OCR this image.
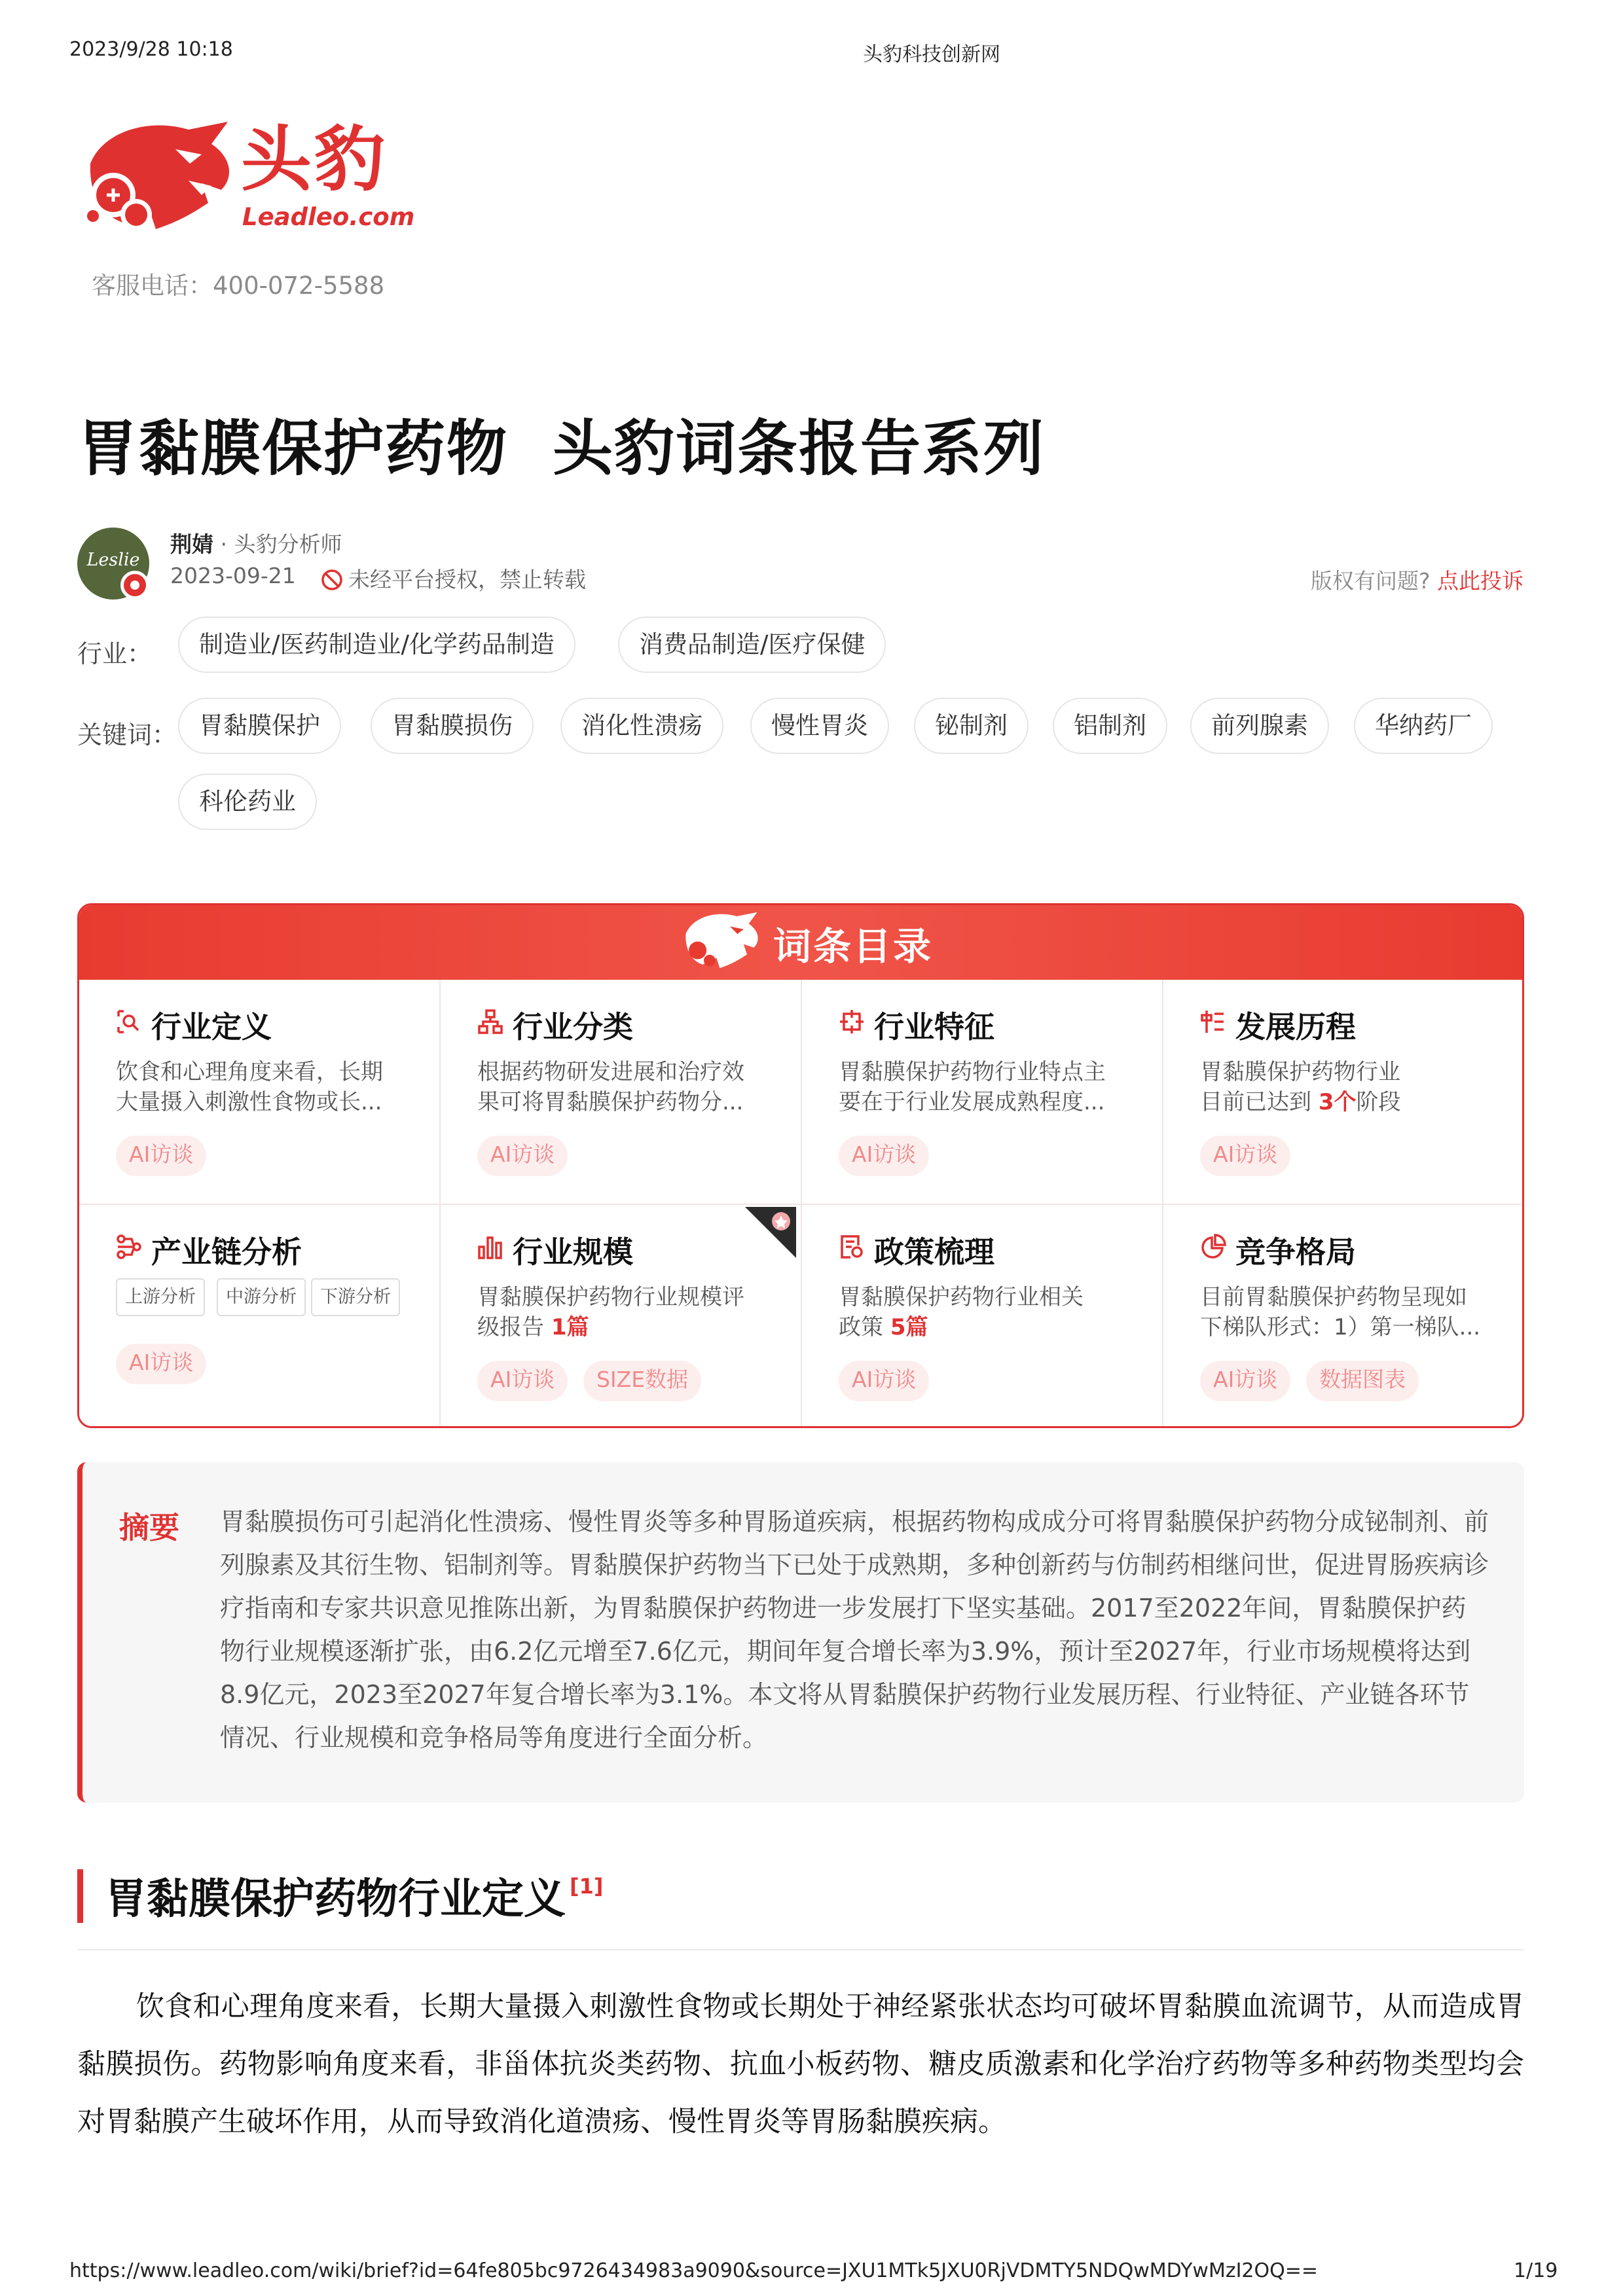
2023/9/28 10:18	头豹科技创新网
头豹
Leadleo.com
客服电话：400-072-5588
胃黏膜保护药物  头豹词条报告系列
Leslie
荆婧 · 头豹分析师
2023-09-21	未经平台授权，禁止转载	版权有问题? 点此投诉
行业：	制造业/医药制造业/化学药品制造	消费品制造/医疗保健
关键词： 胃黏膜保护	胃黏膜损伤	消化性溃疡	慢性胃炎	铋制剂	铝制剂	前列腺素	华纳药厂
科伦药业
词条目录
行业定义
饮食和心理角度来看，长期大量摄入刺激性食物或长...
AI访谈
行业分类
根据药物研发进展和治疗效果可将胃黏膜保护药物分...
AI访谈
行业特征
胃黏膜保护药物行业特点主要在于行业发展成熟程度...
AI访谈
发展历程
胃黏膜保护药物行业目前已达到 3个阶段
AI访谈
产业链分析
上游分析	中游分析	下游分析
AI访谈
行业规模
胃黏膜保护药物行业规模评级报告 1篇
AI访谈	SIZE数据
政策梳理
胃黏膜保护药物行业相关政策 5篇
AI访谈
竞争格局
目前胃黏膜保护药物呈现如下梯队形式：1）第一梯队...
AI访谈	数据图表
摘要 胃黏膜损伤可引起消化性溃疡、慢性胃炎等多种胃肠道疾病，根据药物构成成分可将胃黏膜保护药物分成铋制剂、前列腺素及其衍生物、铝制剂等。胃黏膜保护药物当下已处于成熟期，多种创新药与仿制药相继问世，促进胃肠疾病诊疗指南和专家共识意见推陈出新，为胃黏膜保护药物进一步发展打下坚实基础。2017至2022年间，胃黏膜保护药物行业规模逐渐扩张，由6.2亿元增至7.6亿元，期间年复合增长率为3.9%，预计至2027年，行业市场规模将达到8.9亿元，2023至2027年复合增长率为3.1%。本文将从胃黏膜保护药物行业发展历程、行业特征、产业链各环节情况、行业规模和竞争格局等角度进行全面分析。
胃黏膜保护药物行业定义 [1]
饮食和心理角度来看，长期大量摄入刺激性食物或长期处于神经紧张状态均可破坏胃黏膜血流调节，从而造成胃黏膜损伤。药物影响角度来看，非甾体抗炎类药物、抗血小板药物、糖皮质激素和化学治疗药物等多种药物类型均会对胃黏膜产生破坏作用，从而导致消化道溃疡、慢性胃炎等胃肠黏膜疾病。
https://www.leadleo.com/wiki/brief?id=64fe805bc9726434983a9090&source=JXU1MTk5JXU0RjVDMTY5NDQwMDYwMzI2OQ==	1/19
